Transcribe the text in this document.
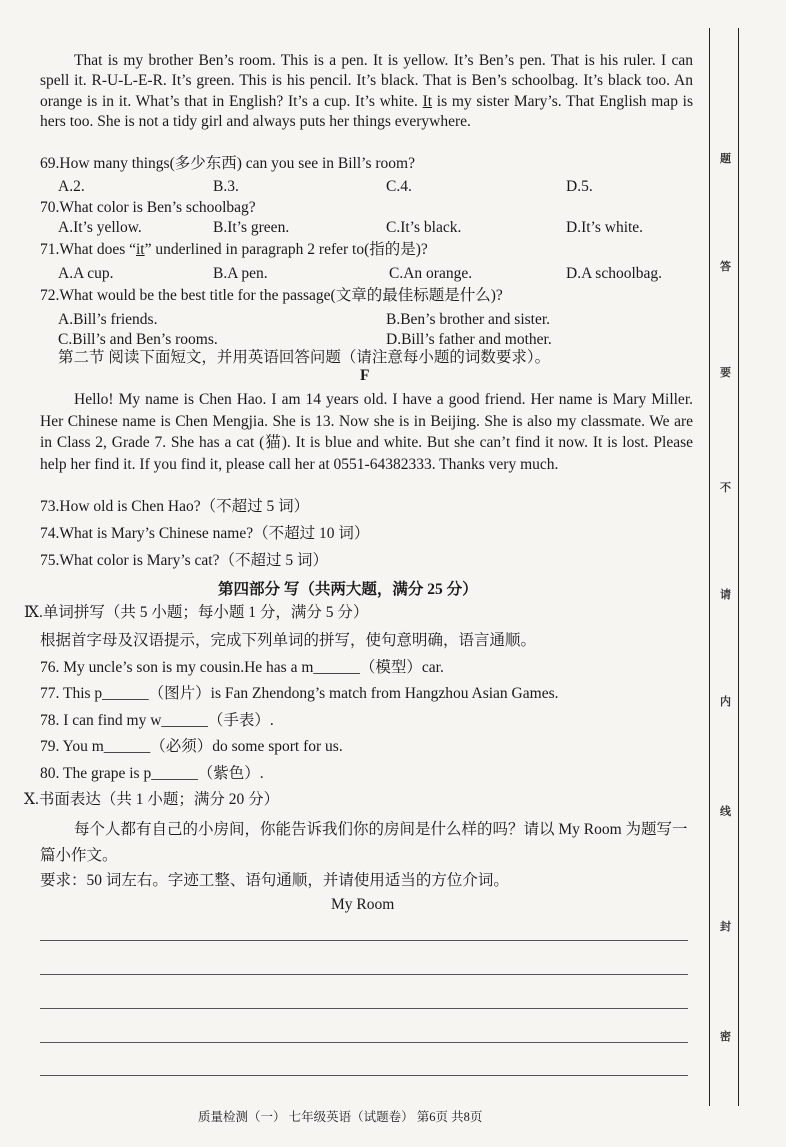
That is my brother Ben’s room. This is a pen. It is yellow. It’s Ben’s pen. That is his ruler. I can spell it. R-U-L-E-R. It’s green. This is his pencil. It’s black. That is Ben’s schoolbag. It’s black too. An orange is in it. What’s that in English? It’s a cup. It’s white. It is my sister Mary’s. That English map is hers too. She is not a tidy girl and always puts her things everywhere.

69.How many things(多少东西) can you see in Bill’s room?
A.2.	B.3.	C.4.	D.5.
70.What color is Ben’s schoolbag?
A.It’s yellow.	B.It’s green.	C.It’s black.	D.It’s white.
71.What does “it” underlined in paragraph 2 refer to(指的是)?
A.A cup.	B.A pen.	C.An orange.	D.A schoolbag.
72.What would be the best title for the passage(文章的最佳标题是什么)?
A.Bill’s friends.	B.Ben’s brother and sister.
C.Bill’s and Ben’s rooms.	D.Bill’s father and mother.
第二节 阅读下面短文，并用英语回答问题（请注意每小题的词数要求）。
F

Hello! My name is Chen Hao. I am 14 years old. I have a good friend. Her name is Mary Miller. Her Chinese name is Chen Mengjia. She is 13. Now she is in Beijing. She is also my classmate. We are in Class 2, Grade 7. She has a cat (猫). It is blue and white. But she can’t find it now. It is lost. Please help her find it. If you find it, please call her at 0551-64382333. Thanks very much.

73.How old is Chen Hao?（不超过 5 词）
74.What is Mary’s Chinese name?（不超过 10 词）
75.What color is Mary’s cat?（不超过 5 词）
第四部分 写（共两大题，满分 25 分）
Ⅸ.单词拼写（共 5 小题；每小题 1 分，满分 5 分）
根据首字母及汉语提示，完成下列单词的拼写，使句意明确，语言通顺。
76. My uncle’s son is my cousin.He has a m______（模型）car.
77. This p______（图片）is Fan Zhendong’s match from Hangzhou Asian Games.
78. I can find my w______（手表）.
79. You m______（必须）do some sport for us.
80. The grape is p______（紫色）.
Ⅹ.书面表达（共 1 小题；满分 20 分）
每个人都有自己的小房间，你能告诉我们你的房间是什么样的吗？请以 My Room 为题写一篇小作文。
要求：50 词左右。字迹工整、语句通顺，并请使用适当的方位介词。
My Room
质量检测（一） 七年级英语（试题卷） 第6页 共8页
题
答
要
不
请
内
线
封
密
